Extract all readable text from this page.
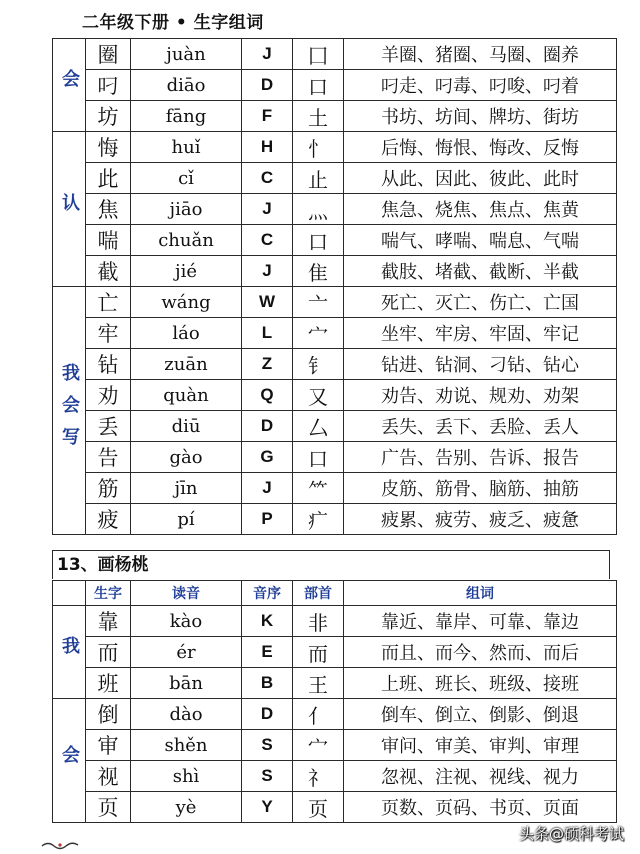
二年级下册 • 生字组词
会	圈	juàn	J	囗	羊圈、猪圈、马圈、圈养
	叼	diāo	D	口	叼走、叼毒、叼唆、叼着
	坊	fāng	F	土	书坊、坊间、牌坊、街坊

认	悔	huǐ	H	忄	后悔、悔恨、悔改、反悔
	此	cǐ	C	止	从此、因此、彼此、此时
	焦	jiāo	J	灬	焦急、烧焦、焦点、焦黄
	喘	chuǎn	C	口	喘气、哮喘、喘息、气喘
	截	jié	J	隹	截肢、堵截、截断、半截

我会写	亡	wáng	W	亠	死亡、灭亡、伤亡、亡国
	牢	láo	L	宀	坐牢、牢房、牢固、牢记
	钻	zuān	Z	钅	钻进、钻洞、刁钻、钻心
	劝	quàn	Q	又	劝告、劝说、规劝、劝架
	丢	diū	D	厶	丢失、丢下、丢脸、丢人
	告	gào	G	口	广告、告别、告诉、报告
	筋	jīn	J	⺮	皮筋、筋骨、脑筋、抽筋
	疲	pí	P	疒	疲累、疲劳、疲乏、疲惫
13、画杨桃
	生字	读音	音序	部首	组词

我	靠	kào	K	非	靠近、靠岸、可靠、靠边
	而	ér	E	而	而且、而今、然而、而后
	班	bān	B	王	上班、班长、班级、接班

会	倒	dào	D	亻	倒车、倒立、倒影、倒退
	审	shěn	S	宀	审问、审美、审判、审理
	视	shì	S	礻	忽视、注视、视线、视力
	页	yè	Y	页	页数、页码、书页、页面
头条@硕科考试
